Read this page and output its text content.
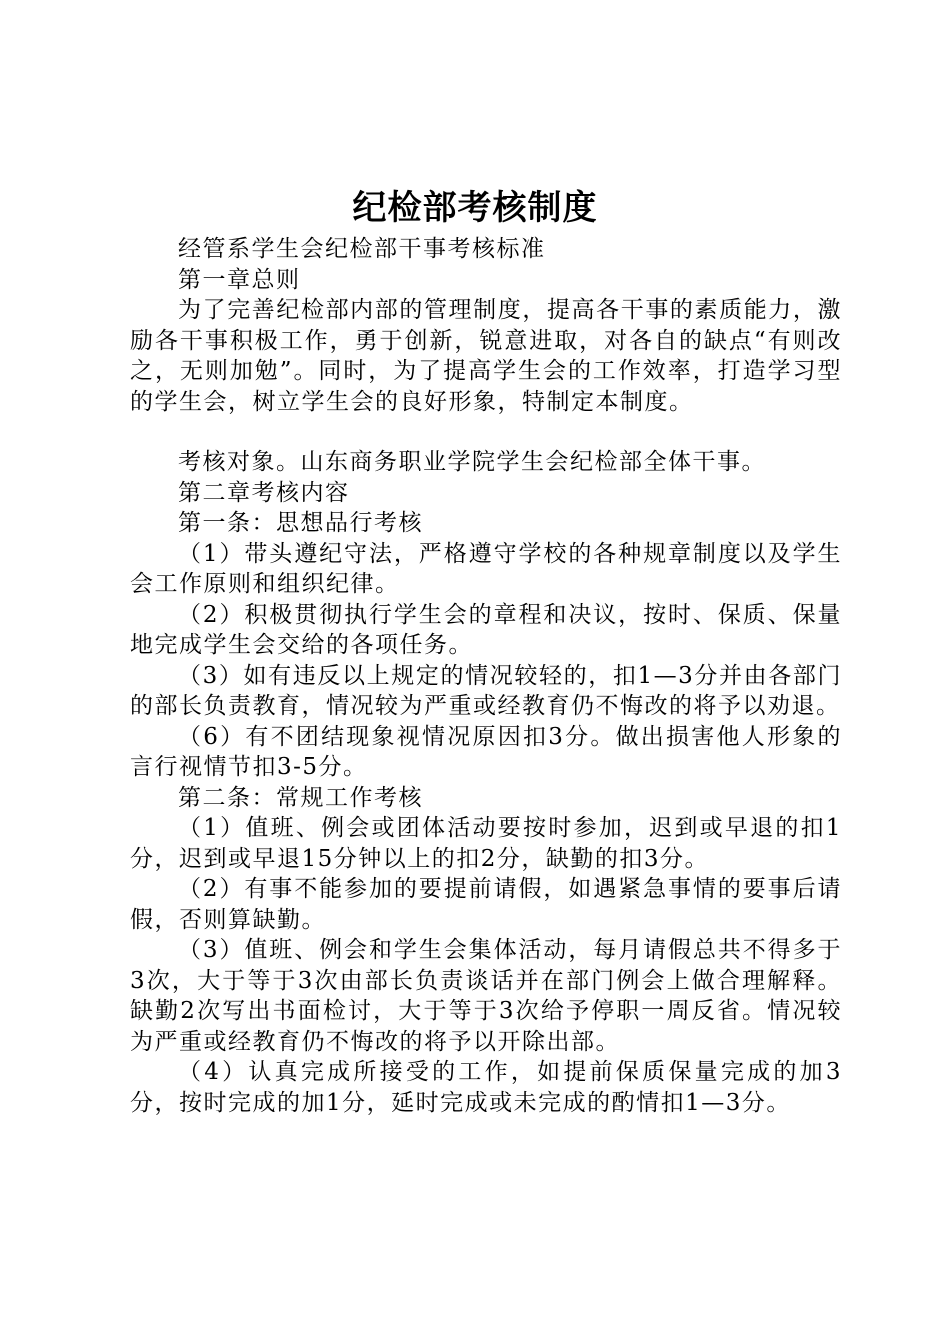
纪检部考核制度

经管系学生会纪检部干事考核标准

第一章总则

为了完善纪检部内部的管理制度，提高各干事的素质能力，激励各干事积极工作，勇于创新，锐意进取，对各自的缺点“有则改之，无则加勉”。同时，为了提高学生会的工作效率，打造学习型的学生会，树立学生会的良好形象，特制定本制度。

考核对象。山东商务职业学院学生会纪检部全体干事。

第二章考核内容

第一条：思想品行考核

（1）带头遵纪守法，严格遵守学校的各种规章制度以及学生会工作原则和组织纪律。

（2）积极贯彻执行学生会的章程和决议，按时、保质、保量地完成学生会交给的各项任务。

（3）如有违反以上规定的情况较轻的，扣1—3分并由各部门的部长负责教育，情况较为严重或经教育仍不悔改的将予以劝退。

（6）有不团结现象视情况原因扣3分。做出损害他人形象的言行视情节扣3-5分。

第二条：常规工作考核

（1）值班、例会或团体活动要按时参加，迟到或早退的扣1分，迟到或早退15分钟以上的扣2分，缺勤的扣3分。

（2）有事不能参加的要提前请假，如遇紧急事情的要事后请假，否则算缺勤。

（3）值班、例会和学生会集体活动，每月请假总共不得多于3次，大于等于3次由部长负责谈话并在部门例会上做合理解释。缺勤2次写出书面检讨，大于等于3次给予停职一周反省。情况较为严重或经教育仍不悔改的将予以开除出部。

（4）认真完成所接受的工作，如提前保质保量完成的加3分，按时完成的加1分，延时完成或未完成的酌情扣1—3分。
